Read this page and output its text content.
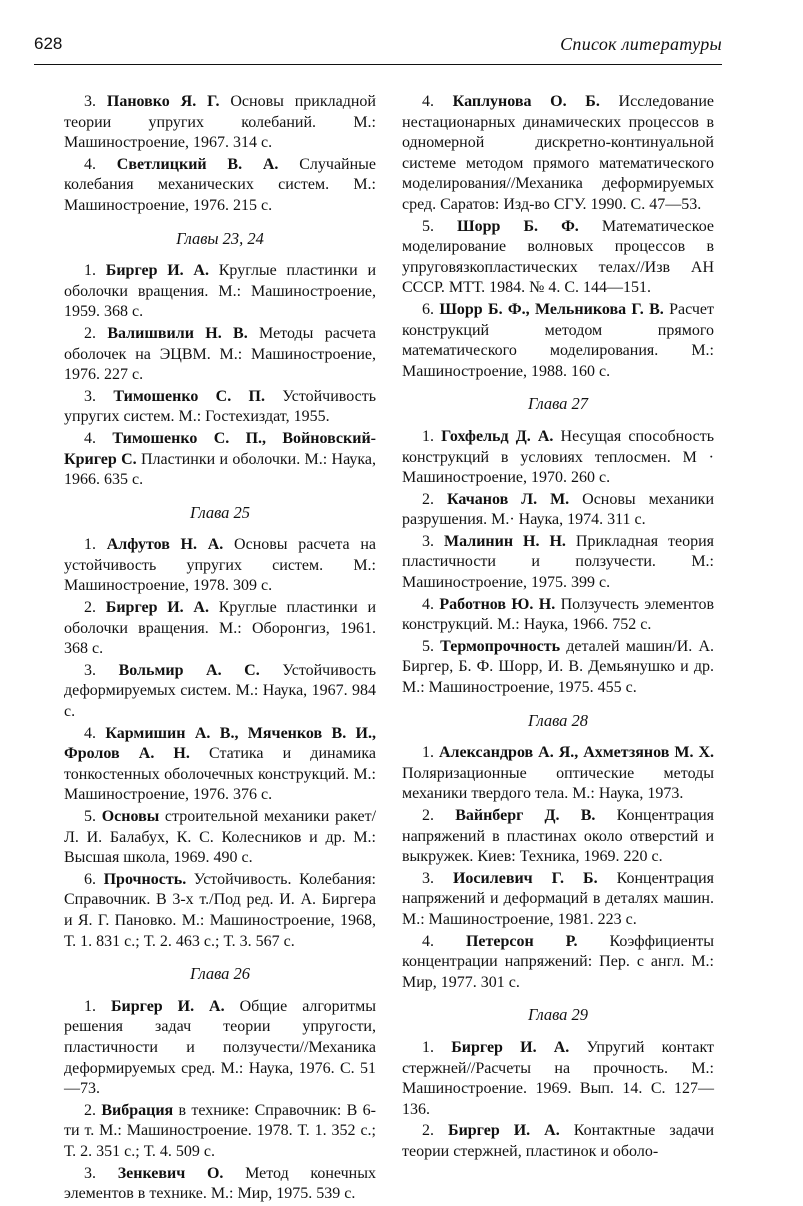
628	Список литературы
3. Пановко Я. Г. Основы прикладной теории упругих колебаний. М.: Машиностроение, 1967. 314 с.
4. Светлицкий В. А. Случайные колебания механических систем. М.: Машиностроение, 1976. 215 с.
Главы 23, 24
1. Биргер И. А. Круглые пластинки и оболочки вращения. М.: Машиностроение, 1959. 368 с.
2. Валишвили Н. В. Методы расчета оболочек на ЭЦВМ. М.: Машиностроение, 1976. 227 с.
3. Тимошенко С. П. Устойчивость упругих систем. М.: Гостехиздат, 1955.
4. Тимошенко С. П., Войновский-Кригер С. Пластинки и оболочки. М.: Наука, 1966. 635 с.
Глава 25
1. Алфутов Н. А. Основы расчета на устойчивость упругих систем. М.: Машиностроение, 1978. 309 с.
2. Биргер И. А. Круглые пластинки и оболочки вращения. М.: Оборонгиз, 1961. 368 с.
3. Вольмир А. С. Устойчивость деформируемых систем. М.: Наука, 1967. 984 с.
4. Кармишин А. В., Мяченков В. И., Фролов А. Н. Статика и динамика тонкостенных оболочечных конструкций. М.: Машиностроение, 1976. 376 с.
5. Основы строительной механики ракет/Л. И. Балабух, К. С. Колесников и др. М.: Высшая школа, 1969. 490 с.
6. Прочность. Устойчивость. Колебания: Справочник. В 3-х т./Под ред. И. А. Биргера и Я. Г. Пановко. М.: Машиностроение, 1968, Т. 1. 831 с.; Т. 2. 463 с.; Т. 3. 567 с.
Глава 26
1. Биргер И. А. Общие алгоритмы решения задач теории упругости, пластичности и ползучести//Механика деформируемых сред. М.: Наука, 1976. С. 51—73.
2. Вибрация в технике: Справочник: В 6-ти т. М.: Машиностроение. 1978. Т. 1. 352 с.; Т. 2. 351 с.; Т. 4. 509 с.
3. Зенкевич О. Метод конечных элементов в технике. М.: Мир, 1975. 539 с.
4. Каплунова О. Б. Исследование нестационарных динамических процессов в одномерной дискретно-континуальной системе методом прямого математического моделирования//Механика деформируемых сред. Саратов: Изд-во СГУ. 1990. С. 47—53.
5. Шорр Б. Ф. Математическое моделирование волновых процессов в упруговязкопластических телах//Изв АН СССР. МТТ. 1984. № 4. С. 144—151.
6. Шорр Б. Ф., Мельникова Г. В. Расчет конструкций методом прямого математического моделирования. М.: Машиностроение, 1988. 160 с.
Глава 27
1. Гохфельд Д. А. Несущая способность конструкций в условиях теплосмен. М · Машиностроение, 1970. 260 с.
2. Качанов Л. М. Основы механики разрушения. М.· Наука, 1974. 311 с.
3. Малинин Н. Н. Прикладная теория пластичности и ползучести. М.: Машиностроение, 1975. 399 с.
4. Работнов Ю. Н. Ползучесть элементов конструкций. М.: Наука, 1966. 752 с.
5. Термопрочность деталей машин/И. А. Биргер, Б. Ф. Шорр, И. В. Демьянушко и др. М.: Машиностроение, 1975. 455 с.
Глава 28
1. Александров А. Я., Ахметзянов М. Х. Поляризационные оптические методы механики твердого тела. М.: Наука, 1973.
2. Вайнберг Д. В. Концентрация напряжений в пластинах около отверстий и выкружек. Киев: Техника, 1969. 220 с.
3. Иосилевич Г. Б. Концентрация напряжений и деформаций в деталях машин. М.: Машиностроение, 1981. 223 с.
4. Петерсон Р. Коэффициенты концентрации напряжений: Пер. с англ. М.: Мир, 1977. 301 с.
Глава 29
1. Биргер И. А. Упругий контакт стержней//Расчеты на прочность. М.: Машиностроение. 1969. Вып. 14. С. 127—136.
2. Биргер И. А. Контактные задачи теории стержней, пластинок и оболо-
